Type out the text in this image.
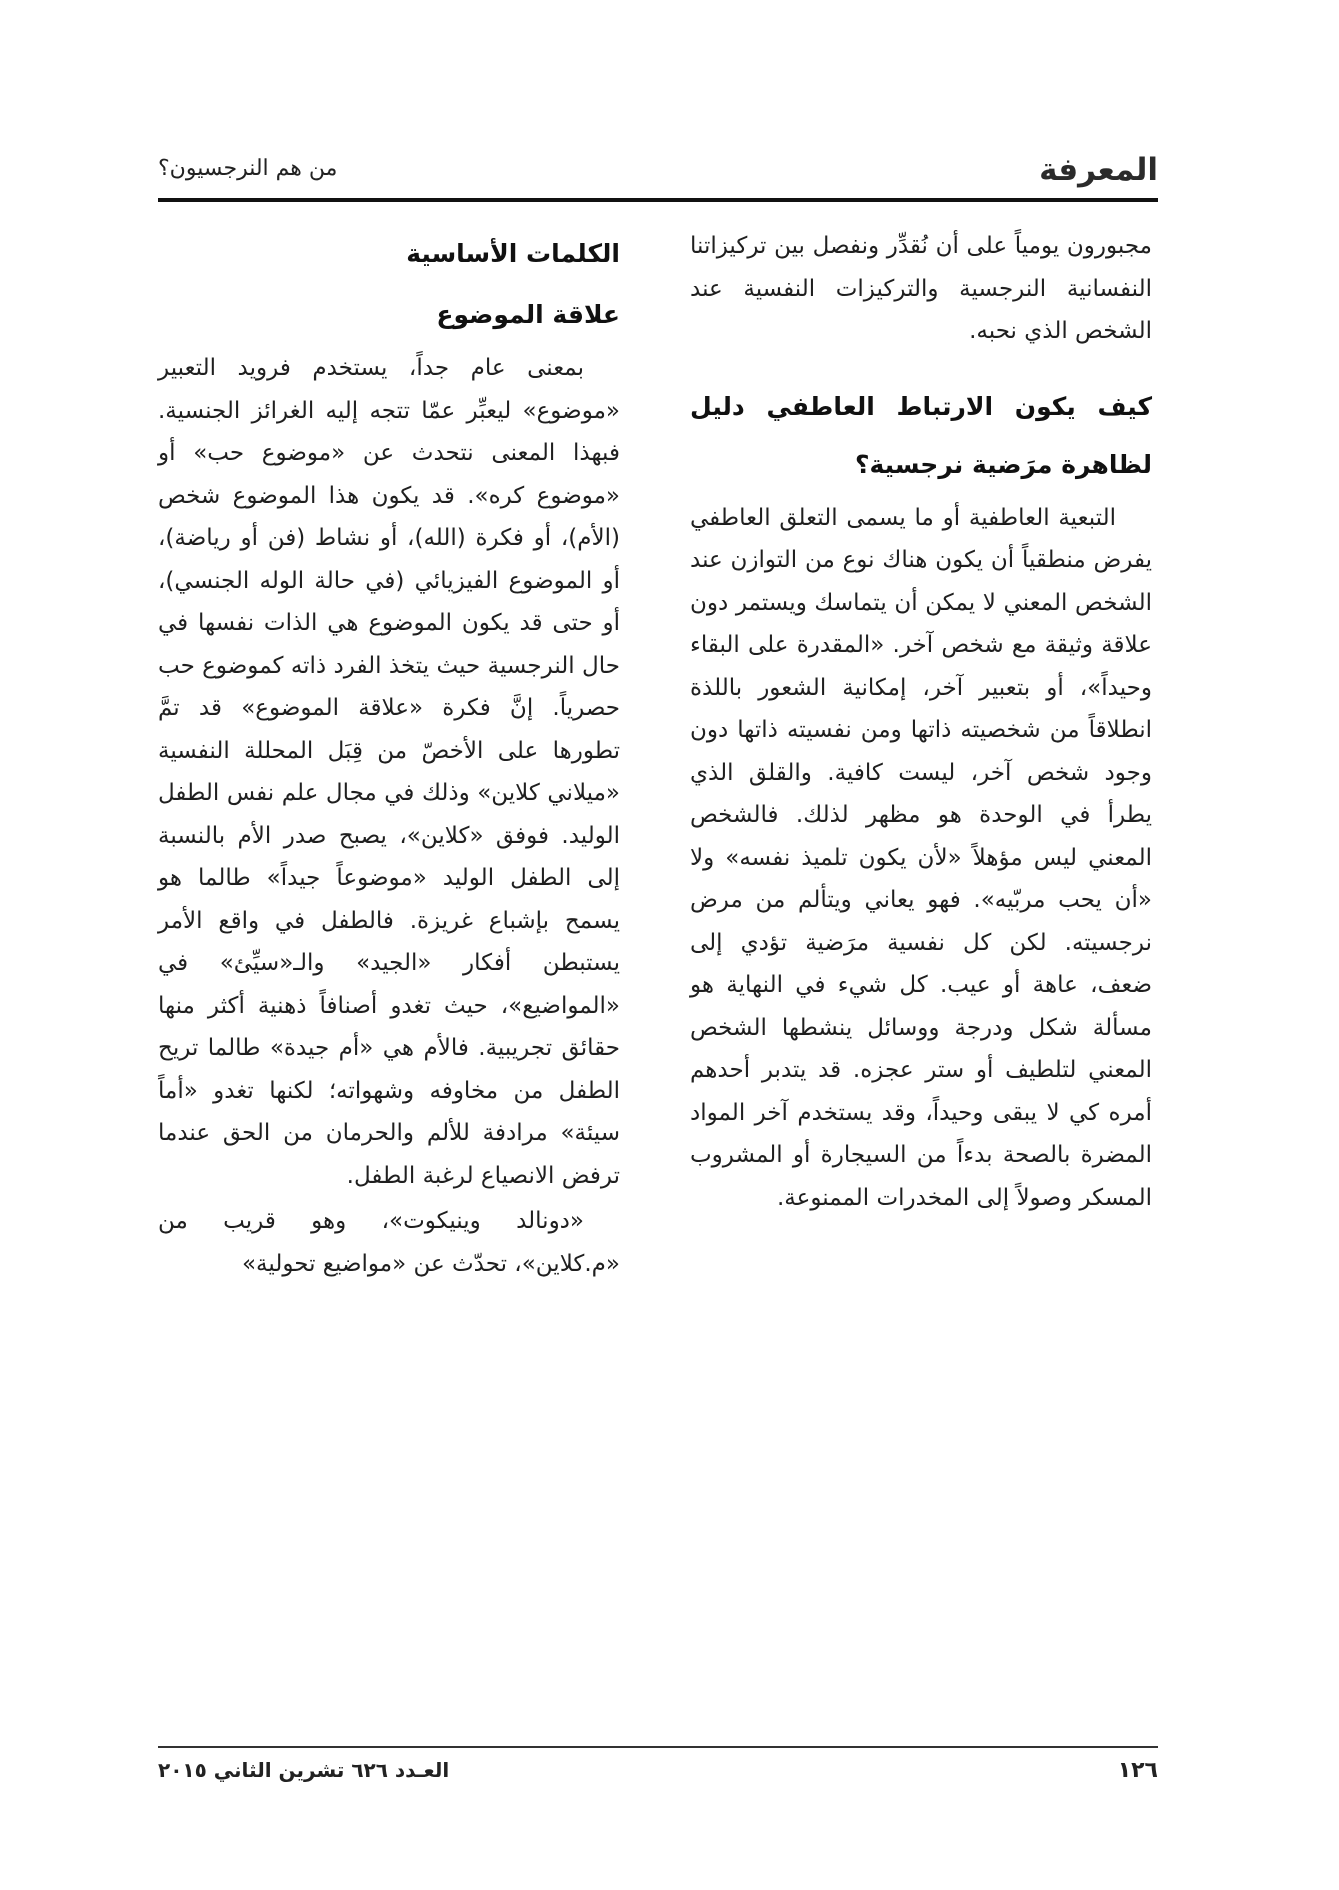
المعرفة
من هم النرجسيون؟

مجبورون يومياً على أن نُقدِّر ونفصل بين تركيزاتنا النفسانية النرجسية والتركيزات النفسية عند الشخص الذي نحبه.

كيف يكون الارتباط العاطفي دليل لظاهرة مرَضية نرجسية؟

التبعية العاطفية أو ما يسمى التعلق العاطفي يفرض منطقياً أن يكون هناك نوع من التوازن عند الشخص المعني لا يمكن أن يتماسك ويستمر دون علاقة وثيقة مع شخص آخر. «المقدرة على البقاء وحيداً»، أو بتعبير آخر، إمكانية الشعور باللذة انطلاقاً من شخصيته ذاتها ومن نفسيته ذاتها دون وجود شخص آخر، ليست كافية. والقلق الذي يطرأ في الوحدة هو مظهر لذلك. فالشخص المعني ليس مؤهلاً «لأن يكون تلميذ نفسه» ولا «أن يحب مربّيه». فهو يعاني ويتألم من مرض نرجسيته. لكن كل نفسية مرَضية تؤدي إلى ضعف، عاهة أو عيب. كل شيء في النهاية هو مسألة شكل ودرجة ووسائل ينشطها الشخص المعني لتلطيف أو ستر عجزه. قد يتدبر أحدهم أمره كي لا يبقى وحيداً، وقد يستخدم آخر المواد المضرة بالصحة بدءاً من السيجارة أو المشروب المسكر وصولاً إلى المخدرات الممنوعة.

الكلمات الأساسية

علاقة الموضوع

بمعنى عام جداً، يستخدم فرويد التعبير «موضوع» ليعبِّر عمّا تتجه إليه الغرائز الجنسية. فبهذا المعنى نتحدث عن «موضوع حب» أو «موضوع كره». قد يكون هذا الموضوع شخص (الأم)، أو فكرة (الله)، أو نشاط (فن أو رياضة)، أو الموضوع الفيزيائي (في حالة الوله الجنسي)، أو حتى قد يكون الموضوع هي الذات نفسها في حال النرجسية حيث يتخذ الفرد ذاته كموضوع حب حصرياً. إنَّ فكرة «علاقة الموضوع» قد تمَّ تطورها على الأخصّ من قِبَل المحللة النفسية «ميلاني كلاين» وذلك في مجال علم نفس الطفل الوليد. فوفق «كلاين»، يصبح صدر الأم بالنسبة إلى الطفل الوليد «موضوعاً جيداً» طالما هو يسمح بإشباع غريزة. فالطفل في واقع الأمر يستبطن أفكار «الجيد» والـ«سيِّئ» في «المواضيع»، حيث تغدو أصنافاً ذهنية أكثر منها حقائق تجريبية. فالأم هي «أم جيدة» طالما تريح الطفل من مخاوفه وشهواته؛ لكنها تغدو «أماً سيئة» مرادفة للألم والحرمان من الحق عندما ترفض الانصياع لرغبة الطفل.

«دونالد وينيكوت»، وهو قريب من «م.كلاين»، تحدّث عن «مواضيع تحولية»

١٢٦
العـدد ٦٢٦ تشرين الثاني ٢٠١٥
